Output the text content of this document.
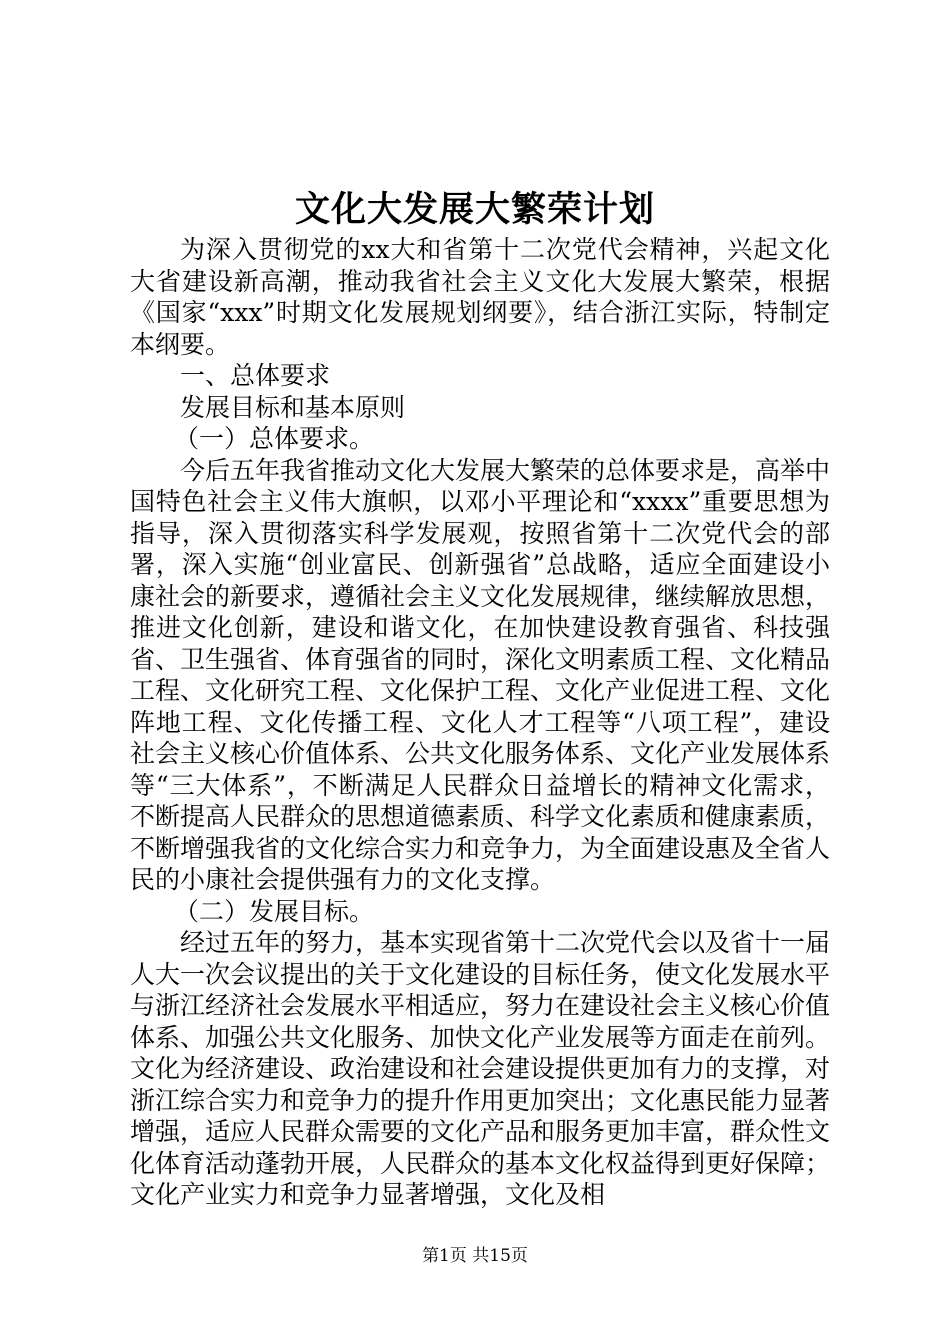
文化大发展大繁荣计划

为深入贯彻党的xx大和省第十二次党代会精神，兴起文化大省建设新高潮，推动我省社会主义文化大发展大繁荣，根据《国家“xxx”时期文化发展规划纲要》，结合浙江实际，特制定本纲要。

一、总体要求

发展目标和基本原则

（一）总体要求。

今后五年我省推动文化大发展大繁荣的总体要求是，高举中国特色社会主义伟大旗帜，以邓小平理论和“xxxx”重要思想为指导，深入贯彻落实科学发展观，按照省第十二次党代会的部署，深入实施“创业富民、创新强省”总战略，适应全面建设小康社会的新要求，遵循社会主义文化发展规律，继续解放思想，推进文化创新，建设和谐文化，在加快建设教育强省、科技强省、卫生强省、体育强省的同时，深化文明素质工程、文化精品工程、文化研究工程、文化保护工程、文化产业促进工程、文化阵地工程、文化传播工程、文化人才工程等“八项工程”，建设社会主义核心价值体系、公共文化服务体系、文化产业发展体系等“三大体系”，不断满足人民群众日益增长的精神文化需求，不断提高人民群众的思想道德素质、科学文化素质和健康素质，不断增强我省的文化综合实力和竞争力，为全面建设惠及全省人民的小康社会提供强有力的文化支撑。

（二）发展目标。

经过五年的努力，基本实现省第十二次党代会以及省十一届人大一次会议提出的关于文化建设的目标任务，使文化发展水平与浙江经济社会发展水平相适应，努力在建设社会主义核心价值体系、加强公共文化服务、加快文化产业发展等方面走在前列。文化为经济建设、政治建设和社会建设提供更加有力的支撑，对浙江综合实力和竞争力的提升作用更加突出；文化惠民能力显著增强，适应人民群众需要的文化产品和服务更加丰富，群众性文化体育活动蓬勃开展，人民群众的基本文化权益得到更好保障；文化产业实力和竞争力显著增强，文化及相

第1页 共15页
